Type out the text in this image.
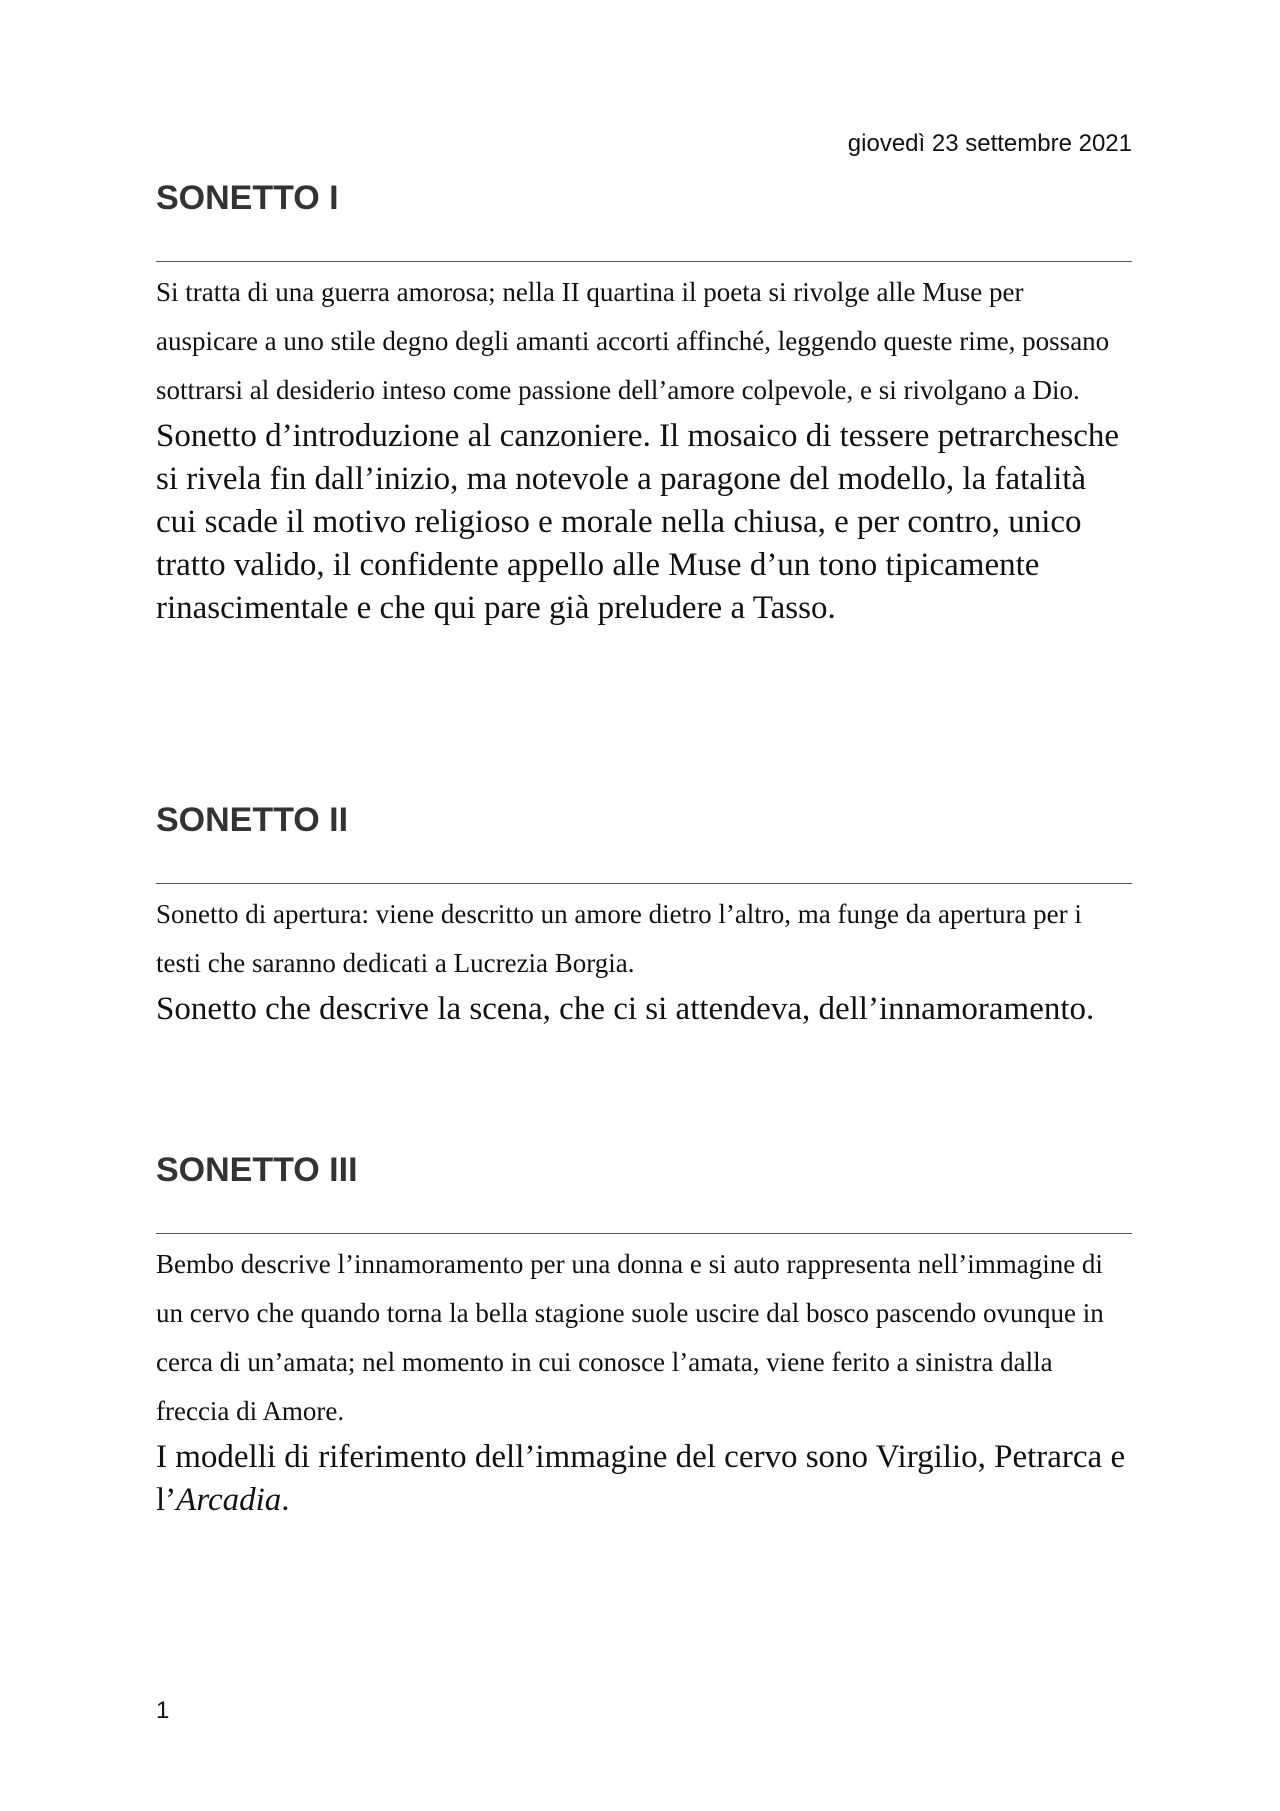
giovedì 23 settembre 2021
SONETTO I

Si tratta di una guerra amorosa; nella II quartina il poeta si rivolge alle Muse per auspicare a uno stile degno degli amanti accorti affinché, leggendo queste rime, possano sottrarsi al desiderio inteso come passione dell’amore colpevole, e si rivolgano a Dio.

Sonetto d’introduzione al canzoniere. Il mosaico di tessere petrarchesche si rivela fin dall’inizio, ma notevole a paragone del modello, la fatalità cui scade il motivo religioso e morale nella chiusa, e per contro, unico tratto valido, il confidente appello alle Muse d’un tono tipicamente rinascimentale e che qui pare già preludere a Tasso.

SONETTO II

Sonetto di apertura: viene descritto un amore dietro l’altro, ma funge da apertura per i testi che saranno dedicati a Lucrezia Borgia.

Sonetto che descrive la scena, che ci si attendeva, dell’innamoramento.

SONETTO III

Bembo descrive l’innamoramento per una donna e si auto rappresenta nell’immagine di un cervo che quando torna la bella stagione suole uscire dal bosco pascendo ovunque in cerca di un’amata; nel momento in cui conosce l’amata, viene ferito a sinistra dalla freccia di Amore.

I modelli di riferimento dell’immagine del cervo sono Virgilio, Petrarca e l’Arcadia.

1
